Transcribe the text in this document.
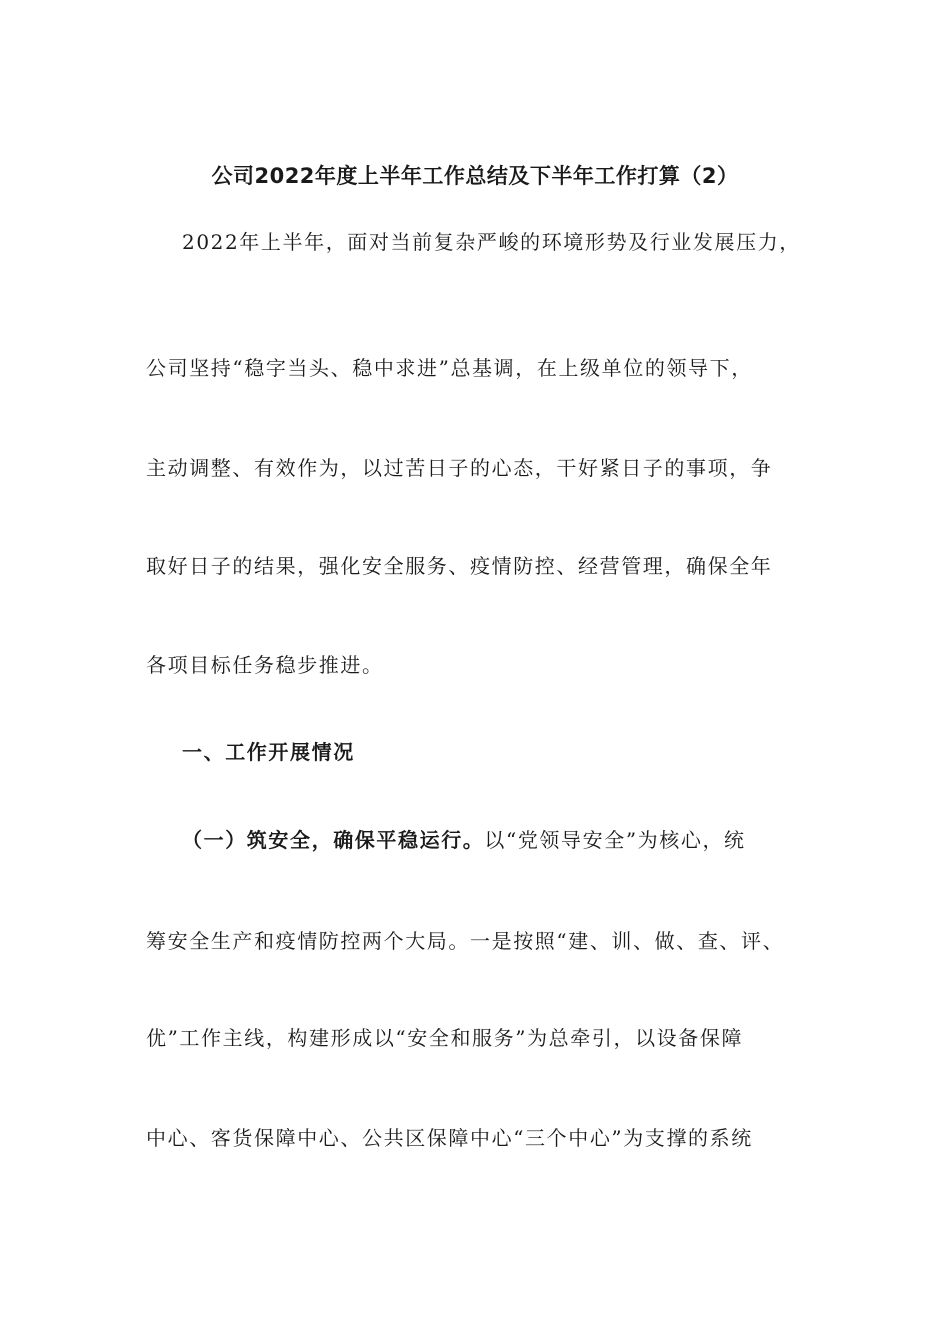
公司2022年度上半年工作总结及下半年工作打算（2）
2022年上半年，面对当前复杂严峻的环境形势及行业发展压力，
公司坚持“稳字当头、稳中求进”总基调，在上级单位的领导下，
主动调整、有效作为，以过苦日子的心态，干好紧日子的事项，争
取好日子的结果，强化安全服务、疫情防控、经营管理，确保全年
各项目标任务稳步推进。
一、工作开展情况
（一）筑安全，确保平稳运行。以“党领导安全”为核心，统
筹安全生产和疫情防控两个大局。一是按照“建、训、做、查、评、
优”工作主线，构建形成以“安全和服务”为总牵引，以设备保障
中心、客货保障中心、公共区保障中心“三个中心”为支撑的系统
